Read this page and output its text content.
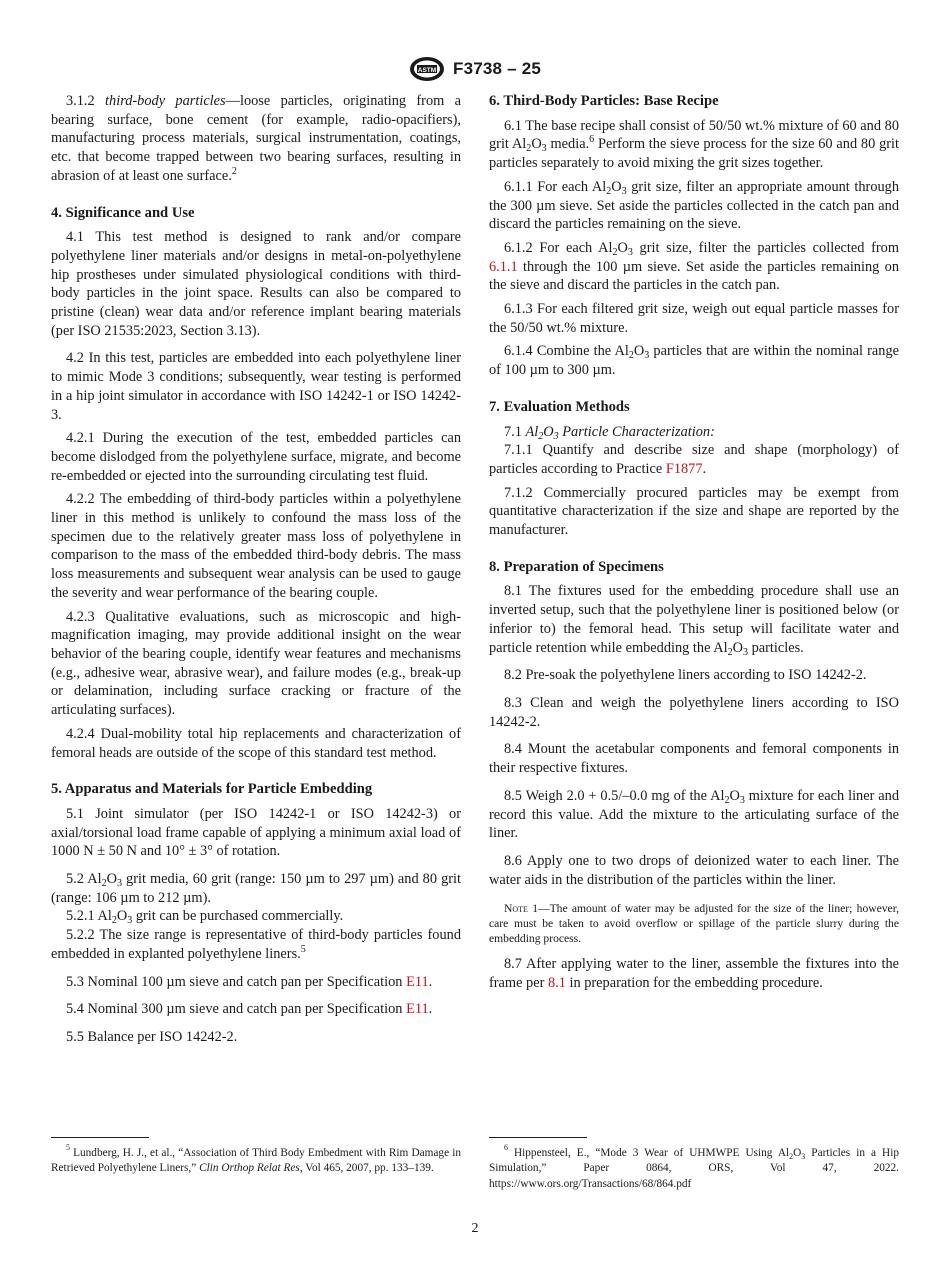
ASTM F3738 – 25

3.1.2 third-body particles—loose particles, originating from a bearing surface, bone cement (for example, radio-opacifiers), manufacturing process materials, surgical instrumentation, coatings, etc. that become trapped between two bearing surfaces, resulting in abrasion of at least one surface.$^2$

4. Significance and Use

4.1 This test method is designed to rank and/or compare polyethylene liner materials and/or designs in metal-on-polyethylene hip prostheses under simulated physiological conditions with third-body particles in the joint space. Results can also be compared to pristine (clean) wear data and/or reference implant bearing materials (per ISO 21535:2023, Section 3.13).

4.2 In this test, particles are embedded into each polyethylene liner to mimic Mode 3 conditions; subsequently, wear testing is performed in a hip joint simulator in accordance with ISO 14242-1 or ISO 14242-3.

4.2.1 During the execution of the test, embedded particles can become dislodged from the polyethylene surface, migrate, and become re-embedded or ejected into the surrounding circulating test fluid.

4.2.2 The embedding of third-body particles within a polyethylene liner in this method is unlikely to confound the mass loss of the specimen due to the relatively greater mass loss of polyethylene in comparison to the mass of the embedded third-body debris. The mass loss measurements and subsequent wear analysis can be used to gauge the severity and wear performance of the bearing couple.

4.2.3 Qualitative evaluations, such as microscopic and high-magnification imaging, may provide additional insight on the wear behavior of the bearing couple, identify wear features and mechanisms (e.g., adhesive wear, abrasive wear), and failure modes (e.g., break-up or delamination, including surface cracking or fracture of the articulating surfaces).

4.2.4 Dual-mobility total hip replacements and characterization of femoral heads are outside of the scope of this standard test method.

5. Apparatus and Materials for Particle Embedding

5.1 Joint simulator (per ISO 14242-1 or ISO 14242-3) or axial/torsional load frame capable of applying a minimum axial load of 1000 N ± 50 N and 10° ± 3° of rotation.

5.2 $Al_2O_3$ grit media, 60 grit (range: 150 µm to 297 µm) and 80 grit (range: 106 µm to 212 µm).

5.2.1 $Al_2O_3$ grit can be purchased commercially.

5.2.2 The size range is representative of third-body particles found embedded in explanted polyethylene liners.$^5$

5.3 Nominal 100 µm sieve and catch pan per Specification E11.

5.4 Nominal 300 µm sieve and catch pan per Specification E11.

5.5 Balance per ISO 14242-2.

6. Third-Body Particles: Base Recipe

6.1 The base recipe shall consist of 50/50 wt.% mixture of 60 and 80 grit $Al_2O_3$ media.$^6$ Perform the sieve process for the size 60 and 80 grit particles separately to avoid mixing the grit sizes together.

6.1.1 For each $Al_2O_3$ grit size, filter an appropriate amount through the 300 µm sieve. Set aside the particles collected in the catch pan and discard the particles remaining on the sieve.

6.1.2 For each $Al_2O_3$ grit size, filter the particles collected from 6.1.1 through the 100 µm sieve. Set aside the particles remaining on the sieve and discard the particles in the catch pan.

6.1.3 For each filtered grit size, weigh out equal particle masses for the 50/50 wt.% mixture.

6.1.4 Combine the $Al_2O_3$ particles that are within the nominal range of 100 µm to 300 µm.

7. Evaluation Methods

7.1 $Al_2O_3$ Particle Characterization:

7.1.1 Quantify and describe size and shape (morphology) of particles according to Practice F1877.

7.1.2 Commercially procured particles may be exempt from quantitative characterization if the size and shape are reported by the manufacturer.

8. Preparation of Specimens

8.1 The fixtures used for the embedding procedure shall use an inverted setup, such that the polyethylene liner is positioned below (or inferior to) the femoral head. This setup will facilitate water and particle retention while embedding the $Al_2O_3$ particles.

8.2 Pre-soak the polyethylene liners according to ISO 14242-2.

8.3 Clean and weigh the polyethylene liners according to ISO 14242-2.

8.4 Mount the acetabular components and femoral components in their respective fixtures.

8.5 Weigh 2.0 + 0.5/–0.0 mg of the $Al_2O_3$ mixture for each liner and record this value. Add the mixture to the articulating surface of the liner.

8.6 Apply one to two drops of deionized water to each liner. The water aids in the distribution of the particles within the liner.

Note 1—The amount of water may be adjusted for the size of the liner; however, care must be taken to avoid overflow or spillage of the particle slurry during the embedding process.

8.7 After applying water to the liner, assemble the fixtures into the frame per 8.1 in preparation for the embedding procedure.

$^5$ Lundberg, H. J., et al., “Association of Third Body Embedment with Rim Damage in Retrieved Polyethylene Liners,” Clin Orthop Relat Res, Vol 465, 2007, pp. 133–139.

$^6$ Hippensteel, E., “Mode 3 Wear of UHMWPE Using $Al_2O_3$ Particles in a Hip Simulation,” Paper 0864, ORS, Vol 47, 2022. https://www.ors.org/Transactions/68/864.pdf

2
